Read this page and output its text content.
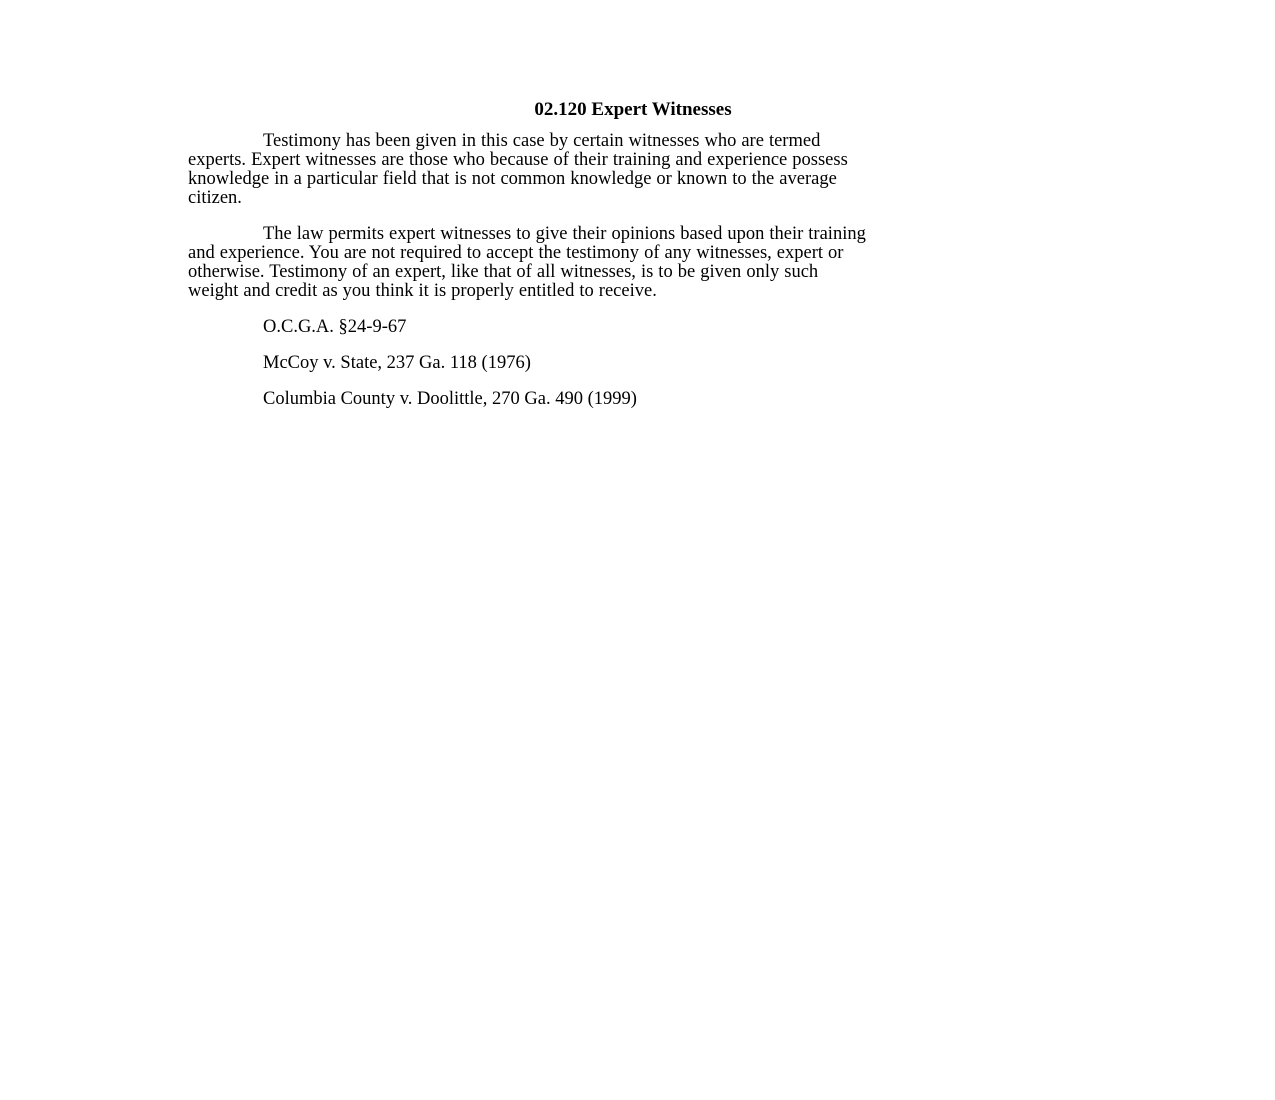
02.120 Expert Witnesses
Testimony has been given in this case by certain witnesses who are termed
experts. Expert witnesses are those who because of their training and experience possess
knowledge in a particular field that is not common knowledge or known to the average
citizen.
The law permits expert witnesses to give their opinions based upon their training
and experience. You are not required to accept the testimony of any witnesses, expert or
otherwise. Testimony of an expert, like that of all witnesses, is to be given only such
weight and credit as you think it is properly entitled to receive.
O.C.G.A. §24-9-67
McCoy v. State, 237 Ga. 118 (1976)
Columbia County v. Doolittle, 270 Ga. 490 (1999)
